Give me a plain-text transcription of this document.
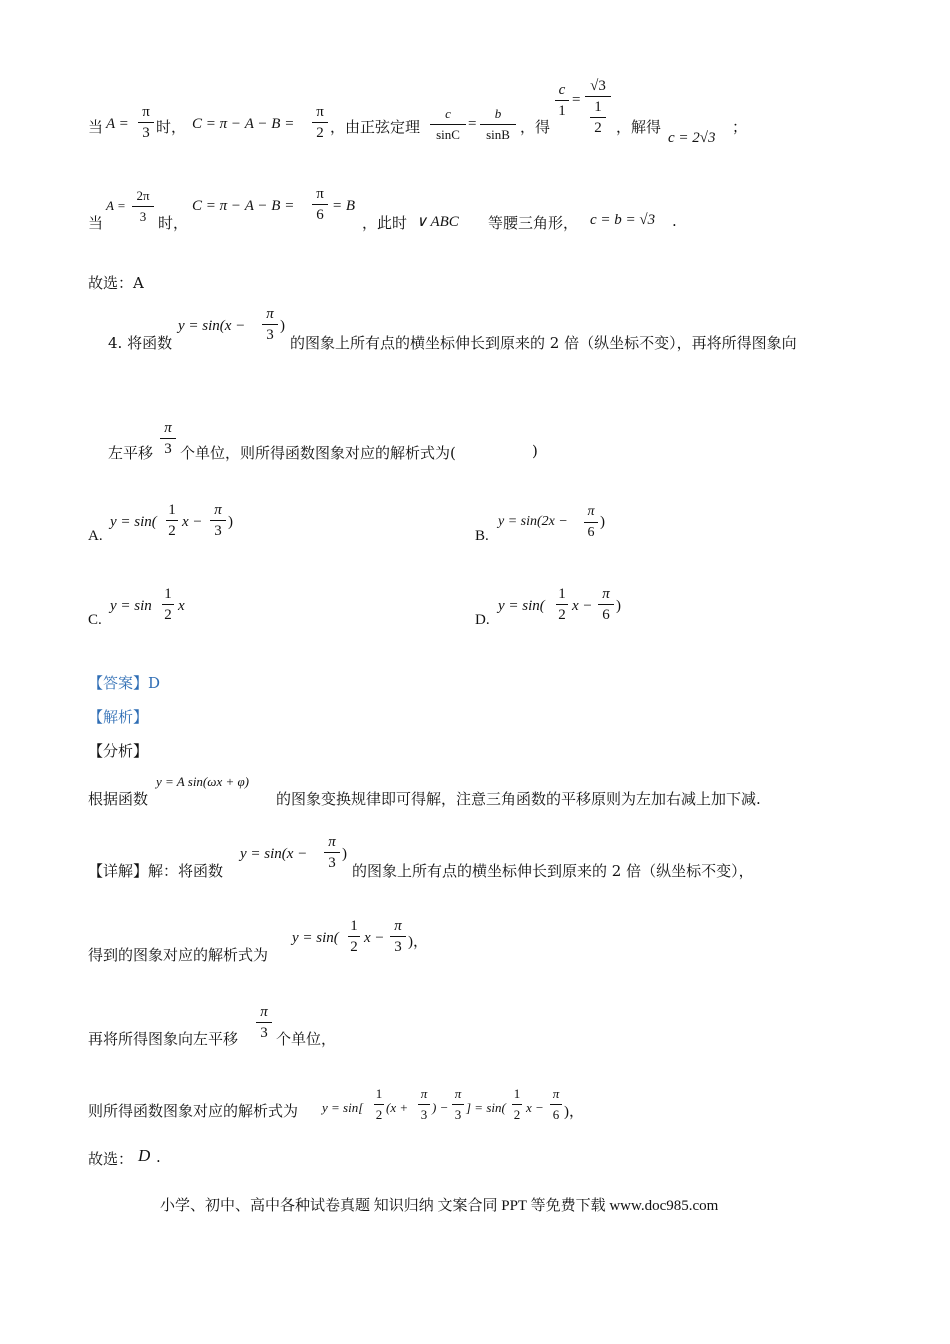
当 A =
π
3 时， C = π − A − B =
π
2 ，由正弦定理
c
sinC
=
b
sinB ，得
c
1
=
√3
1
2 ，解得
c = 2√3
；
当
A =
2π
3 时，
C = π − A − B =
π
6
= B
，此时 ∨ ABC 等腰三角形， c = b = √3 .
故选：A
4. 将函数
y = sin(x −
π
3
)
的图象上所有点的横坐标伸长到原来的 2 倍（纵坐标不变），再将所得图象向
左平移
π
3 个单位，则所得函数图象对应的解析式为(	)
A.
y = sin(
1
2
x −
π
3
)
B.
y = sin(2x −
π
6
)
C.
y = sin
1
2
x
D.
y = sin(
1
2
x −
π
6
)
【答案】D
【解析】
【分析】
根据函数
y = A sin(ωx + φ)
的图象变换规律即可得解，注意三角函数的平移原则为左加右减上加下减.
【详解】解：将函数
y = sin(x −
π
3
)
的图象上所有点的横坐标伸长到原来的 2 倍（纵坐标不变），
得到的图象对应的解析式为
y = sin(
1
2
x −
π
3 )，
再将所得图象向左平移
π
3 个单位，
则所得函数图象对应的解析式为 y = sin[
1
2 (x +
π
3 ) −
π
3 ] = sin(
1
2 x −
π
6 )，
故选： D .
小学、初中、高中各种试卷真题 知识归纳 文案合同 PPT 等免费下载 www.doc985.com
